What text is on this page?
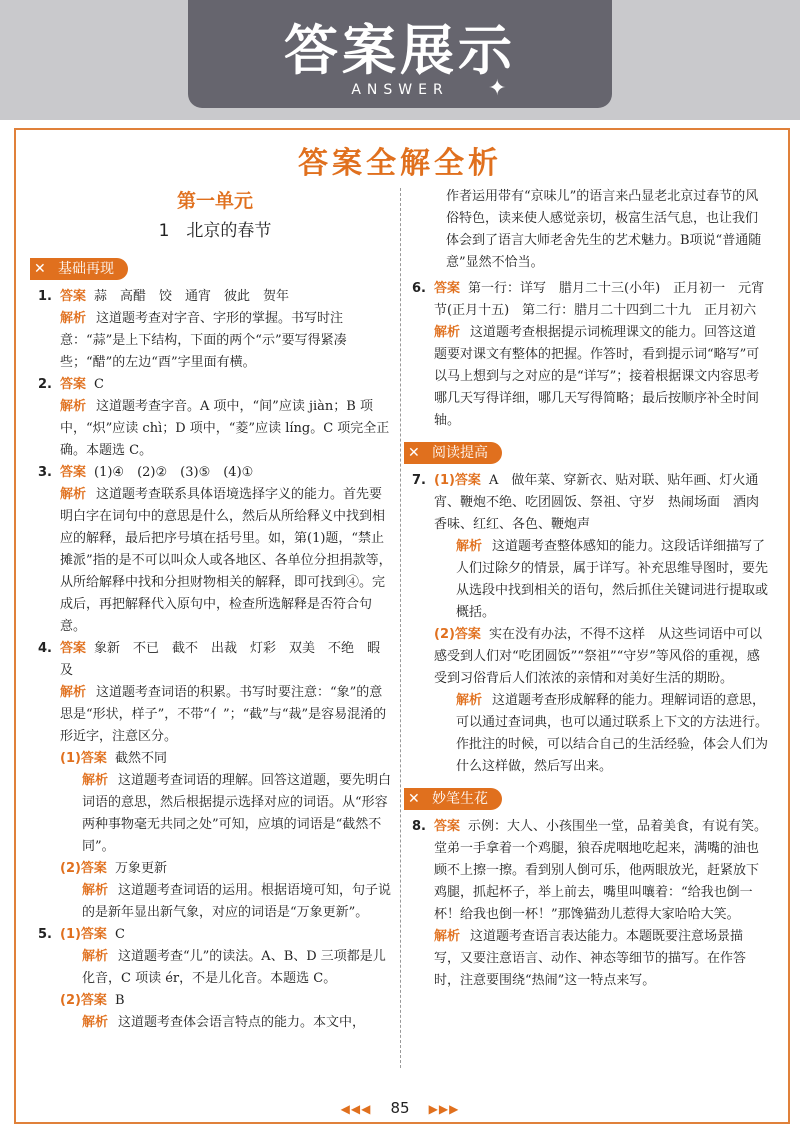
答案展示
ANSWER	✦
答案全解全析
第一单元
1　北京的春节
✕ 基础再现
1. 答案 蒜　高醋　饺　通宵　彼此　贺年

解析 这道题考查对字音、字形的掌握。书写时注意：“蒜”是上下结构，下面的两个“示”要写得紧凑些；“醋”的左边“酉”字里面有横。

2. 答案 C

解析 这道题考查字音。A 项中，“间”应读 jiàn；B 项中，“炽”应读 chì；D 项中，“菱”应读 líng。C 项完全正确。本题选 C。

3. 答案 (1)④　(2)②　(3)⑤　(4)①

解析 这道题考查联系具体语境选择字义的能力。首先要明白字在词句中的意思是什么，然后从所给释义中找到相应的解释，最后把序号填在括号里。如，第(1)题，“禁止摊派”指的是不可以叫众人或各地区、各单位分担捐款等，从所给解释中找和分担财物相关的解释，即可找到④。完成后，再把解释代入原句中，检查所选解释是否符合句意。

4. 答案 象新　不已　截不　出裁　灯彩　双美　不绝　暇及

解析 这道题考查词语的积累。书写时要注意：“象”的意思是“形状，样子”，不带“亻”；“截”与“裁”是容易混淆的形近字，注意区分。

(1)答案 截然不同

解析 这道题考查词语的理解。回答这道题，要先明白词语的意思，然后根据提示选择对应的词语。从“形容两种事物毫无共同之处”可知，应填的词语是“截然不同”。

(2)答案 万象更新

解析 这道题考查词语的运用。根据语境可知，句子说的是新年显出新气象，对应的词语是“万象更新”。

5. (1)答案 C

解析 这道题考查“儿”的读法。A、B、D 三项都是儿化音，C 项读 ér，不是儿化音。本题选 C。

(2)答案 B

解析 这道题考查体会语言特点的能力。本文中，

作者运用带有“京味儿”的语言来凸显老北京过春节的风俗特色，读来使人感觉亲切，极富生活气息，也让我们体会到了语言大师老舍先生的艺术魅力。B项说“普通随意”显然不恰当。

6. 答案 第一行：详写　腊月二十三(小年)　正月初一　元宵节(正月十五)　第二行：腊月二十四到二十九　正月初六

解析 这道题考查根据提示词梳理课文的能力。回答这道题要对课文有整体的把握。作答时，看到提示词“略写”可以马上想到与之对应的是“详写”；接着根据课文内容思考哪几天写得详细，哪几天写得简略；最后按顺序补全时间轴。

✕ 阅读提高
7. (1)答案 A　做年菜、穿新衣、贴对联、贴年画、灯火通宵、鞭炮不绝、吃团圆饭、祭祖、守岁　热闹场面　酒肉香味、红红、各色、鞭炮声

解析 这道题考查整体感知的能力。这段话详细描写了人们过除夕的情景，属于详写。补充思维导图时，要先从选段中找到相关的语句，然后抓住关键词进行提取或概括。

(2)答案 实在没有办法，不得不这样　从这些词语中可以感受到人们对“吃团圆饭”“祭祖”“守岁”等风俗的重视，感受到习俗背后人们浓浓的亲情和对美好生活的期盼。

解析 这道题考查形成解释的能力。理解词语的意思，可以通过查词典，也可以通过联系上下文的方法进行。作批注的时候，可以结合自己的生活经验，体会人们为什么这样做，然后写出来。

✕ 妙笔生花
8. 答案 示例：大人、小孩围坐一堂，品着美食，有说有笑。堂弟一手拿着一个鸡腿，狼吞虎咽地吃起来，满嘴的油也顾不上擦一擦。看到别人倒可乐，他两眼放光，赶紧放下鸡腿，抓起杯子，举上前去，嘴里叫嚷着：“给我也倒一杯！给我也倒一杯！”那馋猫劲儿惹得大家哈哈大笑。

解析 这道题考查语言表达能力。本题既要注意场景描写，又要注意语言、动作、神态等细节的描写。在作答时，注意要围绕“热闹”这一特点来写。

◀◀◀ 85 ▶▶▶
